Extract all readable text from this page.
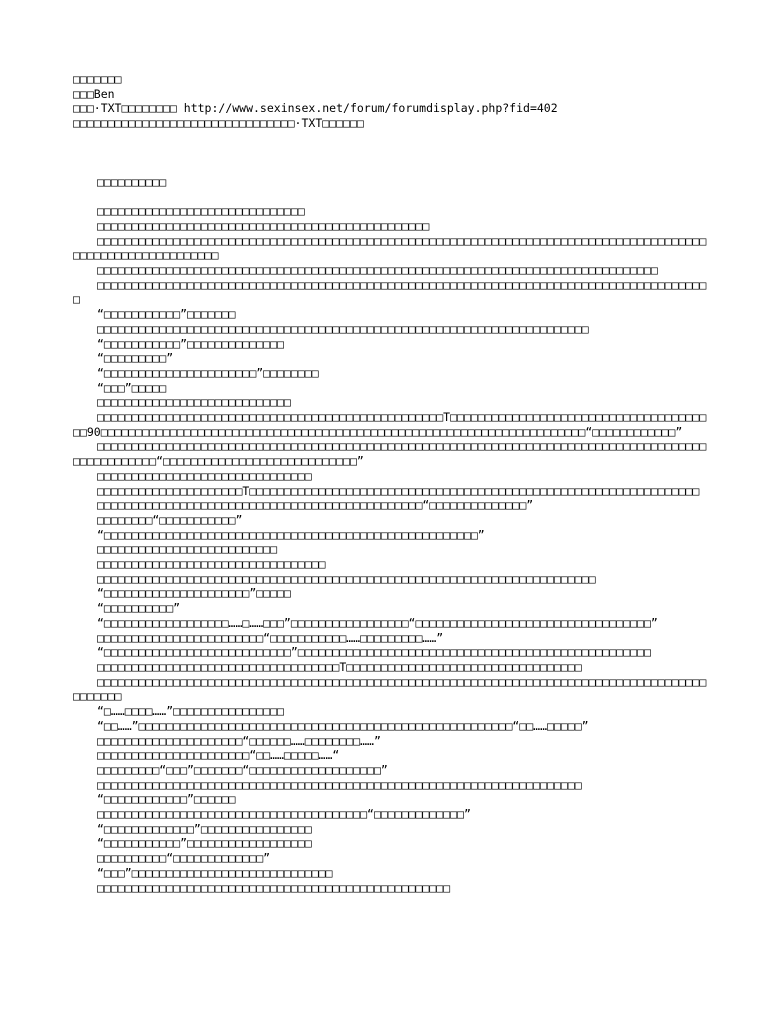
□□□□□□□
□□□Ben
□□□·TXT□□□□□□□□ http://www.sexinsex.net/forum/forumdisplay.php?fid=402
□□□□□□□□□□□□□□□□□□□□□□□□□□□□□□□□·TXT□□□□□□
□□□□□□□□□□
□□□□□□□□□□□□□□□□□□□□□□□□□□□□□□
□□□□□□□□□□□□□□□□□□□□□□□□□□□□□□□□□□□□□□□□□□□□□□□□
□□□□□□□□□□□□□□□□□□□□□□□□□□□□□□□□□□□□□□□□□□□□□□□□□□□□□□□□□□□□□□□□□□□□□□□□□□□□□□□□□□□□□□□□□□□□□□□□□□□□□□□□□□□□□
□□□□□□□□□□□□□□□□□□□□□□□□□□□□□□□□□□□□□□□□□□□□□□□□□□□□□□□□□□□□□□□□□□□□□□□□□□□□□□□□□
□□□□□□□□□□□□□□□□□□□□□□□□□□□□□□□□□□□□□□□□□□□□□□□□□□□□□□□□□□□□□□□□□□□□□□□□□□□□□□□□□□□□□□□□□
“□□□□□□□□□□□”□□□□□□□
□□□□□□□□□□□□□□□□□□□□□□□□□□□□□□□□□□□□□□□□□□□□□□□□□□□□□□□□□□□□□□□□□□□□□□□
“□□□□□□□□□□□”□□□□□□□□□□□□□□
“□□□□□□□□□”
“□□□□□□□□□□□□□□□□□□□□□□”□□□□□□□□
“□□□”□□□□□
□□□□□□□□□□□□□□□□□□□□□□□□□□□□
□□□□□□□□□□□□□□□□□□□□□□□□□□□□□□□□□□□□□□□□□□□□□□□□□□T□□□□□□□□□□□□□□□□□□□□□□□□□□□□□□□□□□□□□□□90□□□□□□□□□□□□□□□□□□□□□□□□□□□□□□□□□□□□□□□□□□□□□□□□□□□□□□□□□□□□□□□□□□□□□□“□□□□□□□□□□□□”
□□□□□□□□□□□□□□□□□□□□□□□□□□□□□□□□□□□□□□□□□□□□□□□□□□□□□□□□□□□□□□□□□□□□□□□□□□□□□□□□□□□□□□□□□□□□□□□□□□□□“□□□□□□□□□□□□□□□□□□□□□□□□□□□□”
□□□□□□□□□□□□□□□□□□□□□□□□□□□□□□□
□□□□□□□□□□□□□□□□□□□□□T□□□□□□□□□□□□□□□□□□□□□□□□□□□□□□□□□□□□□□□□□□□□□□□□□□□□□□□□□□□□□□□□□
□□□□□□□□□□□□□□□□□□□□□□□□□□□□□□□□□□□□□□□□□□□□□□□“□□□□□□□□□□□□□□”
□□□□□□□□“□□□□□□□□□□□”
“□□□□□□□□□□□□□□□□□□□□□□□□□□□□□□□□□□□□□□□□□□□□□□□□□□□□□□”
□□□□□□□□□□□□□□□□□□□□□□□□□□
□□□□□□□□□□□□□□□□□□□□□□□□□□□□□□□□□
□□□□□□□□□□□□□□□□□□□□□□□□□□□□□□□□□□□□□□□□□□□□□□□□□□□□□□□□□□□□□□□□□□□□□□□□
“□□□□□□□□□□□□□□□□□□□□□”□□□□□
“□□□□□□□□□□”
“□□□□□□□□□□□□□□□□□□……□……□□□”□□□□□□□□□□□□□□□□□“□□□□□□□□□□□□□□□□□□□□□□□□□□□□□□□□□□”
□□□□□□□□□□□□□□□□□□□□□□□□“□□□□□□□□□□□……□□□□□□□□□……”
“□□□□□□□□□□□□□□□□□□□□□□□□□□□”□□□□□□□□□□□□□□□□□□□□□□□□□□□□□□□□□□□□□□□□□□□□□□□□□□□
□□□□□□□□□□□□□□□□□□□□□□□□□□□□□□□□□□□T□□□□□□□□□□□□□□□□□□□□□□□□□□□□□□□□□□
□□□□□□□□□□□□□□□□□□□□□□□□□□□□□□□□□□□□□□□□□□□□□□□□□□□□□□□□□□□□□□□□□□□□□□□□□□□□□□□□□□□□□□□□□□□□□□□
“□……□□□□……”□□□□□□□□□□□□□□□□
“□□……”□□□□□□□□□□□□□□□□□□□□□□□□□□□□□□□□□□□□□□□□□□□□□□□□□□□□□□“□□……□□□□□”
□□□□□□□□□□□□□□□□□□□□□“□□□□□□……□□□□□□□□……”
□□□□□□□□□□□□□□□□□□□□□□“□□……□□□□□……“
□□□□□□□□□“□□□”□□□□□□□“□□□□□□□□□□□□□□□□□□□”
□□□□□□□□□□□□□□□□□□□□□□□□□□□□□□□□□□□□□□□□□□□□□□□□□□□□□□□□□□□□□□□□□□□□□□
“□□□□□□□□□□□□”□□□□□□
□□□□□□□□□□□□□□□□□□□□□□□□□□□□□□□□□□□□□□□“□□□□□□□□□□□□□”
“□□□□□□□□□□□□□”□□□□□□□□□□□□□□□□
“□□□□□□□□□□□”□□□□□□□□□□□□□□□□□□
□□□□□□□□□□“□□□□□□□□□□□□□”
“□□□”□□□□□□□□□□□□□□□□□□□□□□□□□□□□□
□□□□□□□□□□□□□□□□□□□□□□□□□□□□□□□□□□□□□□□□□□□□□□□□□□□
